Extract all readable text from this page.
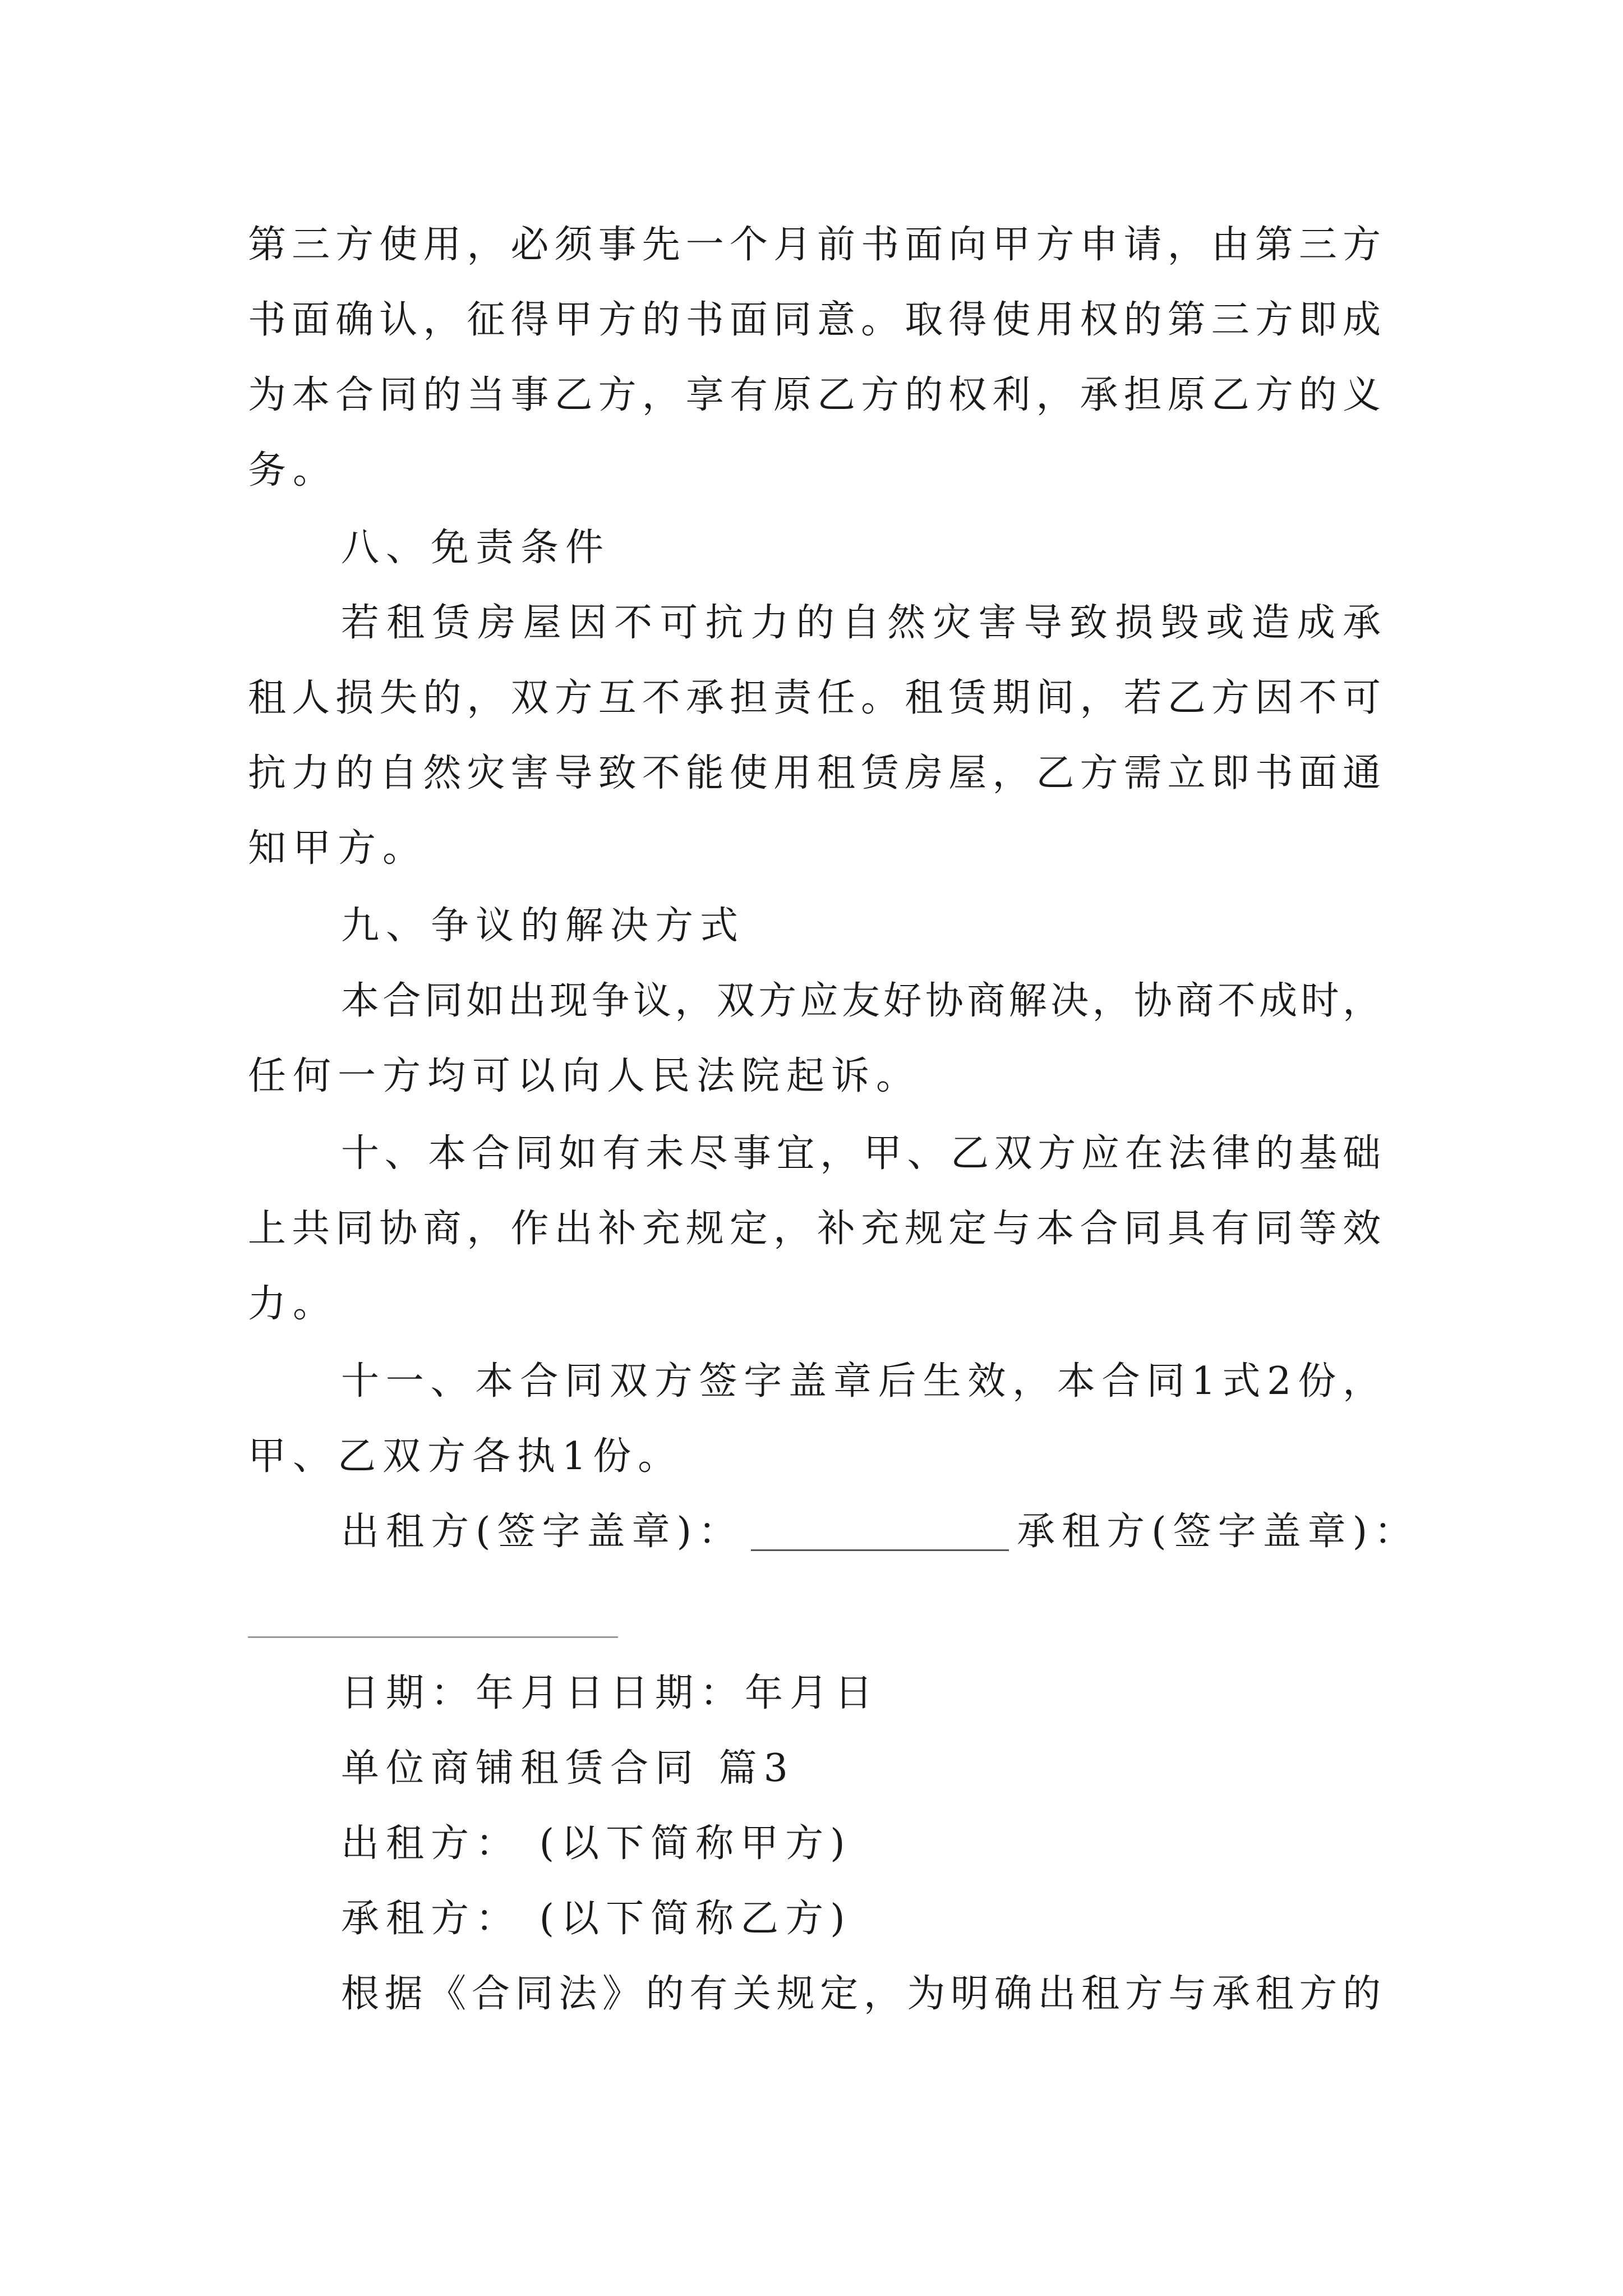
第三方使用，必须事先一个月前书面向甲方申请，由第三方
书面确认，征得甲方的书面同意。取得使用权的第三方即成
为本合同的当事乙方，享有原乙方的权利，承担原乙方的义
务。
八、免责条件
若租赁房屋因不可抗力的自然灾害导致损毁或造成承
租人损失的，双方互不承担责任。租赁期间，若乙方因不可
抗力的自然灾害导致不能使用租赁房屋，乙方需立即书面通
知甲方。
九、争议的解决方式
本合同如出现争议，双方应友好协商解决，协商不成时，
任何一方均可以向人民法院起诉。
十、本合同如有未尽事宜，甲、乙双方应在法律的基础
上共同协商，作出补充规定，补充规定与本合同具有同等效
力。
十一、本合同双方签字盖章后生效，本合同1式2份，
甲、乙双方各执1份。
出租方(签字盖章)：	承租方(签字盖章)：
日期：年月日日期：年月日
单位商铺租赁合同 篇3
出租方： (以下简称甲方)
承租方： (以下简称乙方)
根据《合同法》的有关规定，为明确出租方与承租方的
